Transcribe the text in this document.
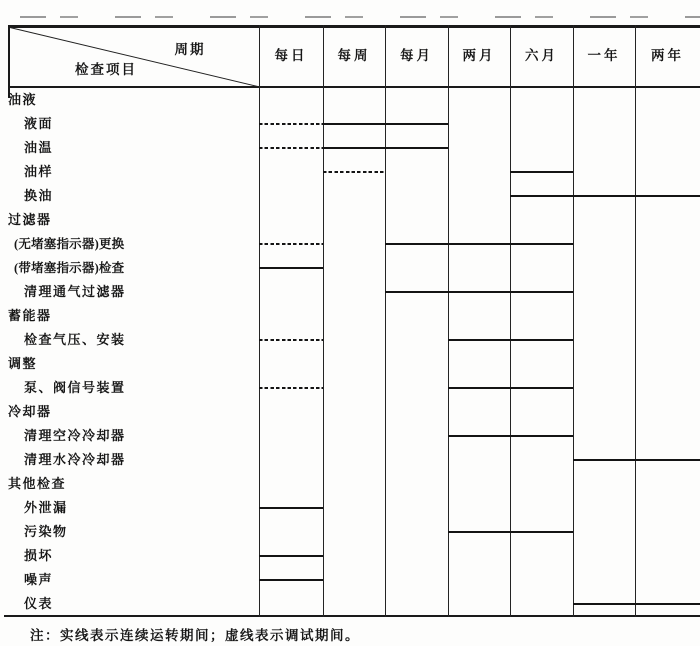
周期
检查项目
每日	每周	每月	两月	六月	一年	两年
油液
液面
油温
油样
换油
过滤器
(无堵塞指示器)更换
(带堵塞指示器)检查
清理通气过滤器
蓄能器
检查气压、安装
调整
泵、阀信号装置
冷却器
清理空冷冷却器
清理水冷冷却器
其他检查
外泄漏
污染物
损坏
噪声
仪表
注：实线表示连续运转期间；虚线表示调试期间。
